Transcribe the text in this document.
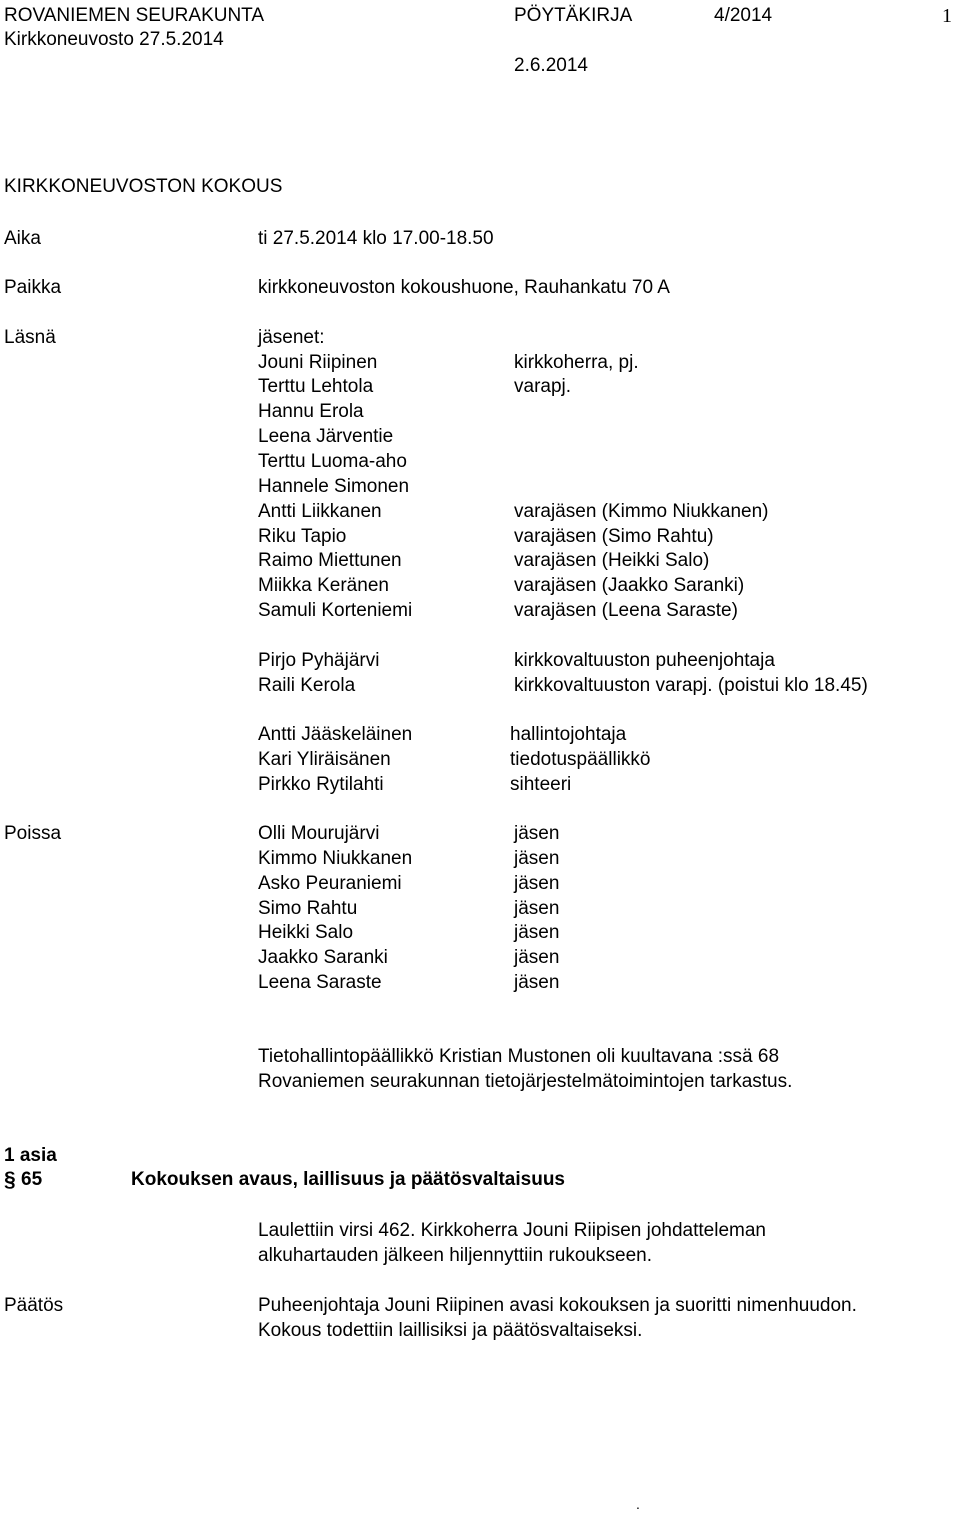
ROVANIEMEN SEURAKUNTA
Kirkkoneuvosto 27.5.2014
PÖYTÄKIRJA	4/2014	1
2.6.2014
KIRKKONEUVOSTON KOKOUS
Aika	ti 27.5.2014 klo 17.00-18.50
Paikka	kirkkoneuvoston kokoushuone, Rauhankatu 70 A
Läsnä	jäsenet:
Jouni Riipinen	kirkkoherra, pj.
Terttu Lehtola	varapj.
Hannu Erola
Leena Järventie
Terttu Luoma-aho
Hannele Simonen
Antti Liikkanen	varajäsen (Kimmo Niukkanen)
Riku Tapio	varajäsen (Simo Rahtu)
Raimo Miettunen	varajäsen (Heikki Salo)
Miikka Keränen	varajäsen (Jaakko Saranki)
Samuli Korteniemi	varajäsen (Leena Saraste)
Pirjo Pyhäjärvi	kirkkovaltuuston puheenjohtaja
Raili Kerola	kirkkovaltuuston varapj. (poistui klo 18.45)
Antti Jääskeläinen	hallintojohtaja
Kari Yliräisänen	tiedotuspäällikkö
Pirkko Rytilahti	sihteeri
Poissa	Olli Mourujärvi	jäsen
Kimmo Niukkanen	jäsen
Asko Peuraniemi	jäsen
Simo Rahtu	jäsen
Heikki Salo	jäsen
Jaakko Saranki	jäsen
Leena Saraste	jäsen
Tietohallintopäällikkö Kristian Mustonen oli kuultavana :ssä 68
Rovaniemen seurakunnan tietojärjestelmätoimintojen tarkastus.
1 asia
§ 65	Kokouksen avaus, laillisuus ja päätösvaltaisuus
Laulettiin virsi 462. Kirkkoherra Jouni Riipisen johdatteleman
alkuhartauden jälkeen hiljennyttiin rukoukseen.
Päätös	Puheenjohtaja Jouni Riipinen avasi kokouksen ja suoritti nimenhuudon.
Kokous todettiin laillisiksi ja päätösvaltaiseksi.
.
